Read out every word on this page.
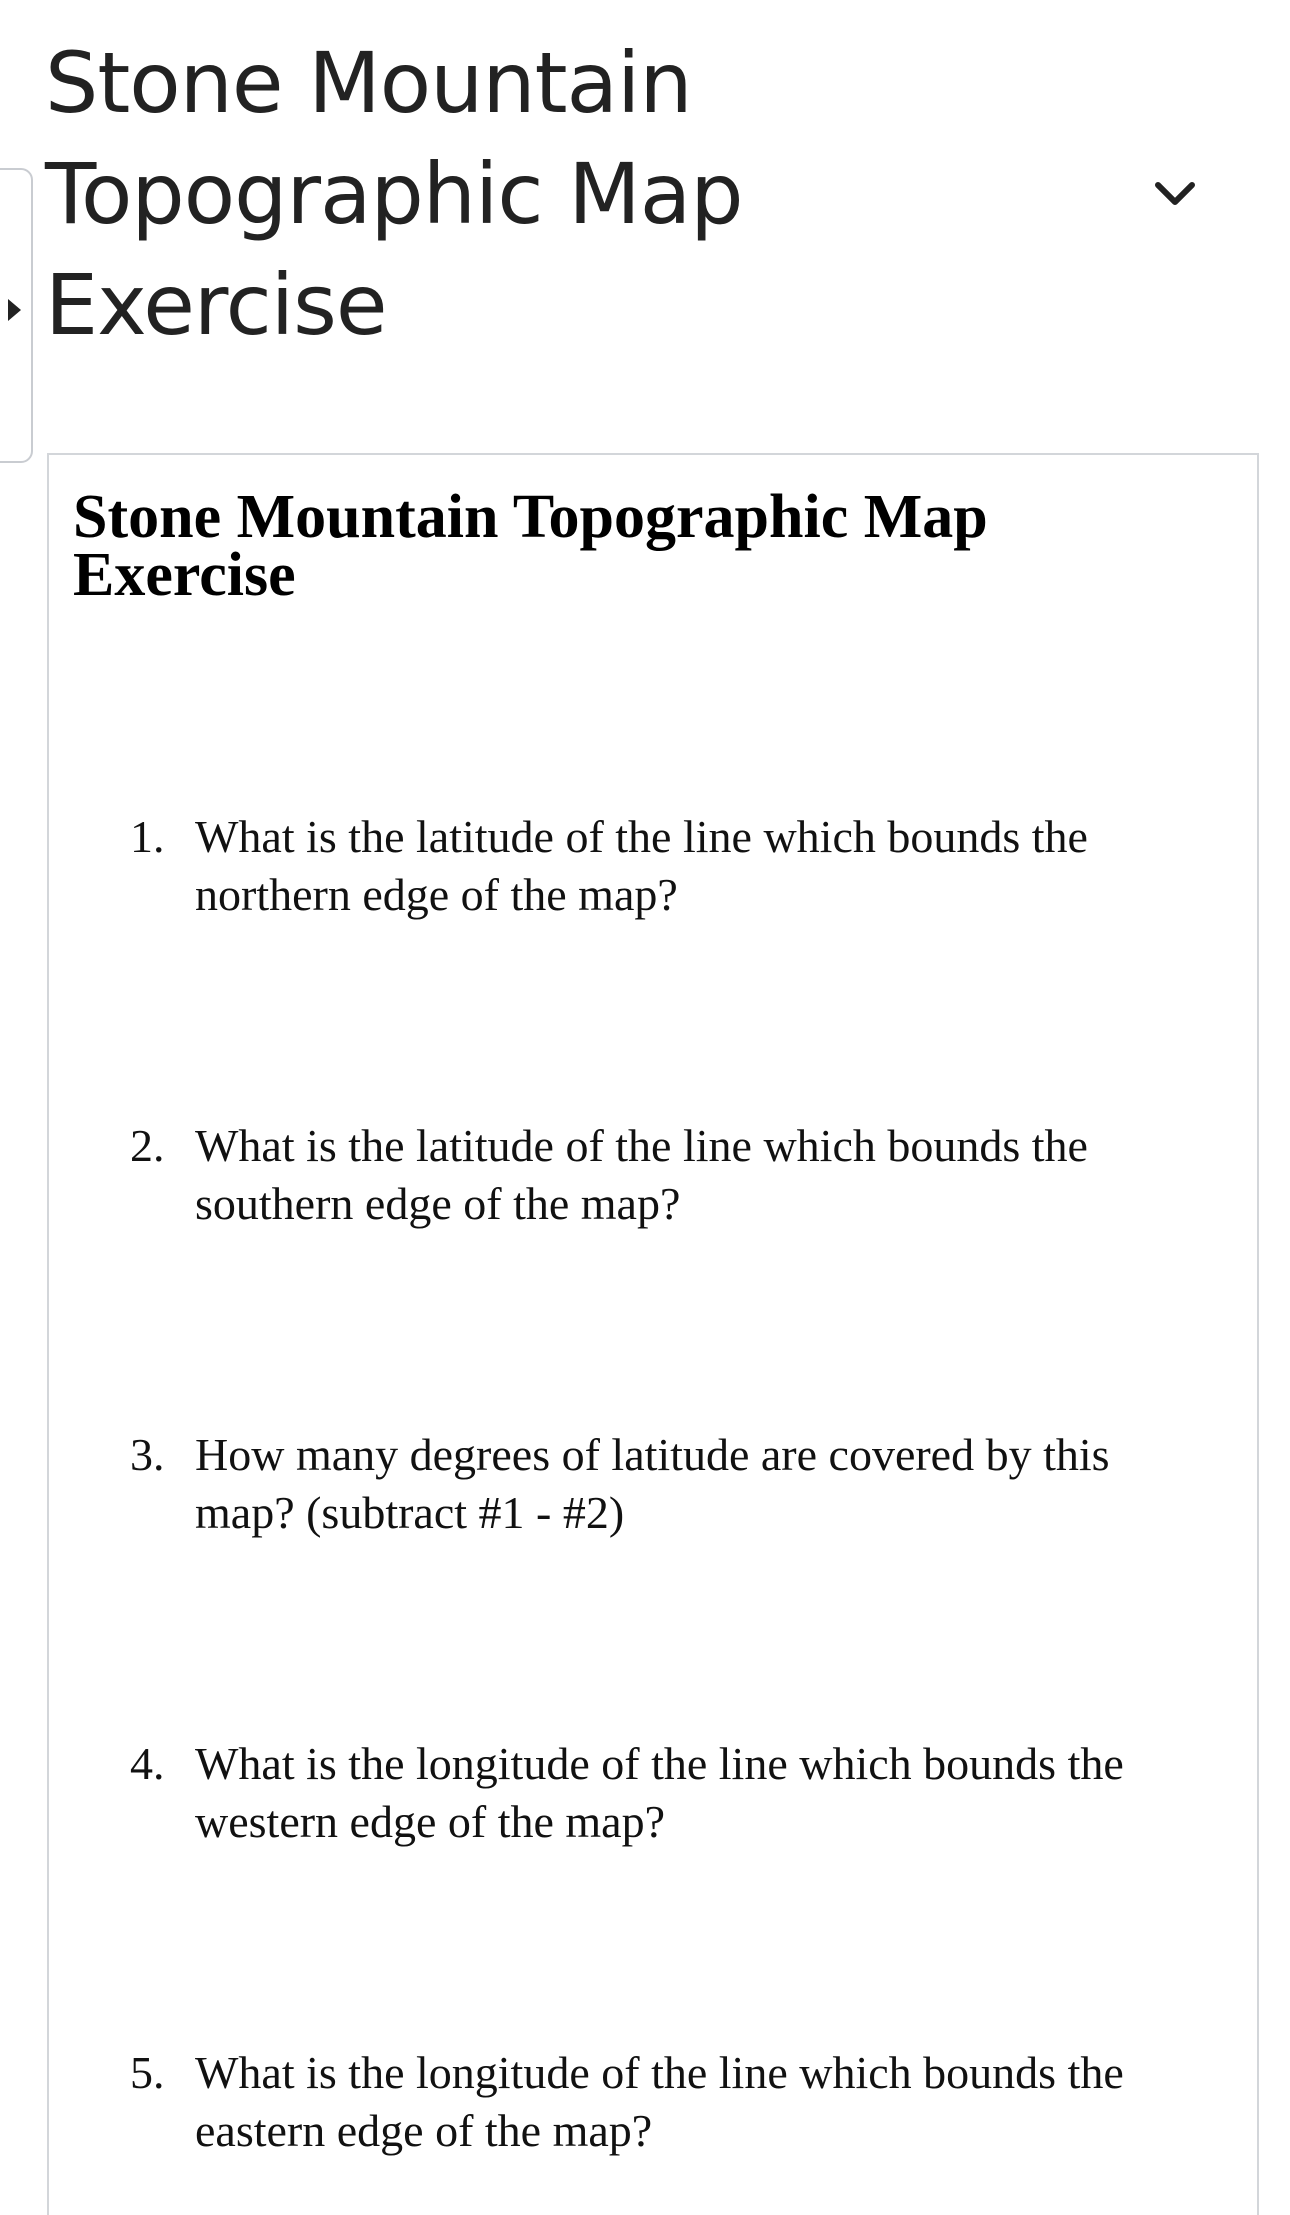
Stone Mountain Topographic Map Exercise
Stone Mountain Topographic Map Exercise
1. What is the latitude of the line which bounds the northern edge of the map?
2. What is the latitude of the line which bounds the southern edge of the map?
3. How many degrees of latitude are covered by this map? (subtract #1 - #2)
4. What is the longitude of the line which bounds the western edge of the map?
5. What is the longitude of the line which bounds the eastern edge of the map?
